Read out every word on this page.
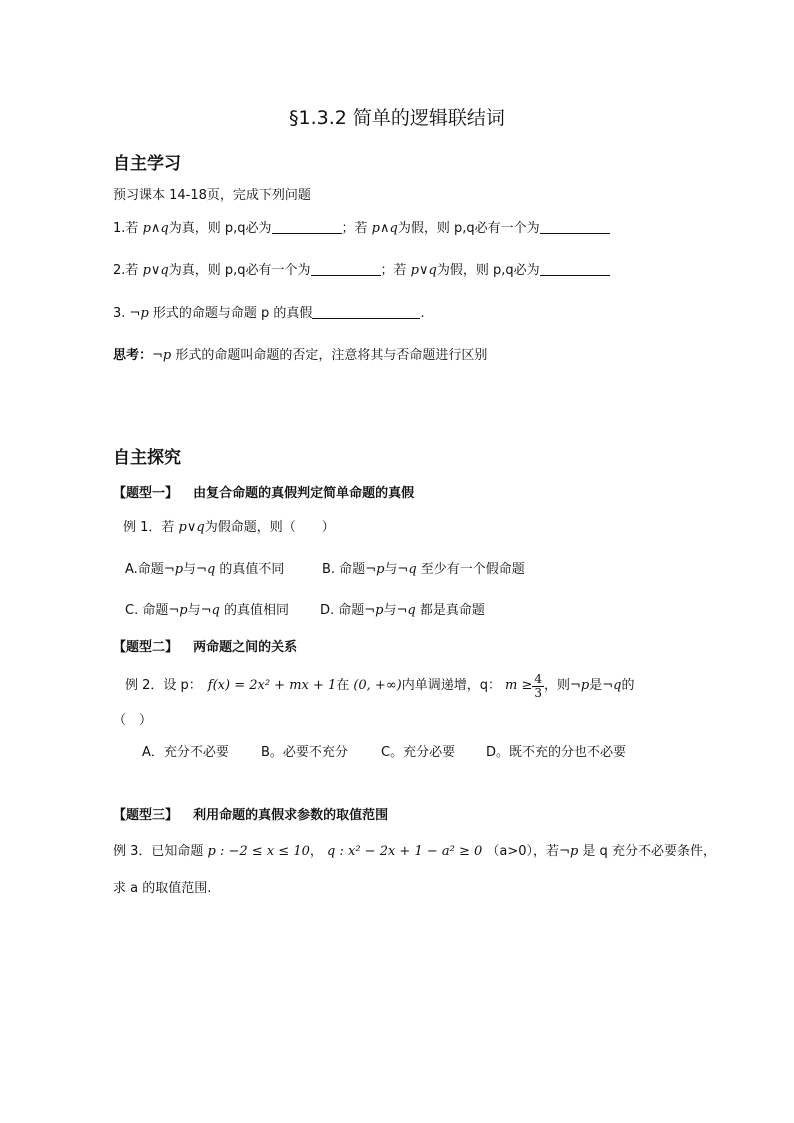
§1.3.2 简单的逻辑联结词
自主学习
预习课本 14-18页，完成下列问题
1.若 p∧q为真，则 p,q必为	；若 p∧q为假，则 p,q必有一个为
2.若 p∨q为真，则 p,q必有一个为	；若 p∨q为假，则 p,q必为
3. ¬p 形式的命题与命题 p 的真假	.
思考：¬p 形式的命题叫命题的否定，注意将其与否命题进行区别
自主探究
【题型一】 由复合命题的真假判定简单命题的真假
例 1．若 p∨q为假命题，则（　　）
A.命题¬p与¬q 的真值不同	B. 命题¬p与¬q 至少有一个假命题
C. 命题¬p与¬q 的真值相同 D. 命题¬p与¬q 都是真命题
【题型二】 两命题之间的关系
例 2．设 p： f(x) = 2x² + mx + 1 在 (0, +∞) 内单调递增，q： $m \ge \frac{4}{3}$ ，则 ¬p 是 ¬q 的
（　）
A．充分不必要 B。必要不充分	C。充分必要 D。既不充的分也不必要
【题型三】 利用命题的真假求参数的取值范围
例 3．已知命题 p : −2 ≤ x ≤ 10， q : x² − 2x + 1 − a² ≥ 0 （a>0），若¬p 是 q 充分不必要条件，
求 a 的取值范围.
